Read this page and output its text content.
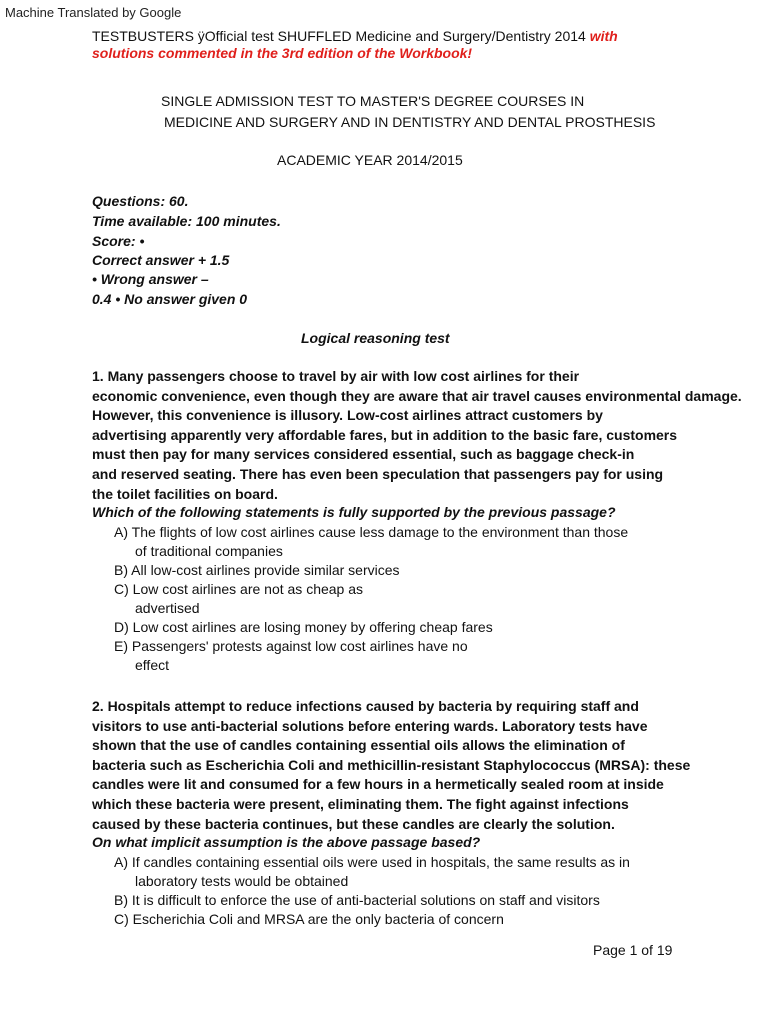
Machine Translated by Google
TESTBUSTERS ÿOfficial test SHUFFLED Medicine and Surgery/Dentistry 2014 with
solutions commented in the 3rd edition of the Workbook!
SINGLE ADMISSION TEST TO MASTER'S DEGREE COURSES IN
MEDICINE AND SURGERY AND IN DENTISTRY AND DENTAL PROSTHESIS
ACADEMIC YEAR 2014/2015
Questions: 60.
Time available: 100 minutes.
Score: •
Correct answer + 1.5
• Wrong answer –
0.4 • No answer given 0
Logical reasoning test
1. Many passengers choose to travel by air with low cost airlines for their
economic convenience, even though they are aware that air travel causes environmental damage.
However, this convenience is illusory. Low-cost airlines attract customers by
advertising apparently very affordable fares, but in addition to the basic fare, customers
must then pay for many services considered essential, such as baggage check-in
and reserved seating. There has even been speculation that passengers pay for using
the toilet facilities on board.
Which of the following statements is fully supported by the previous passage?
A) The flights of low cost airlines cause less damage to the environment than those
of traditional companies
B) All low-cost airlines provide similar services
C) Low cost airlines are not as cheap as
advertised
D) Low cost airlines are losing money by offering cheap fares
E) Passengers' protests against low cost airlines have no
effect
2. Hospitals attempt to reduce infections caused by bacteria by requiring staff and
visitors to use anti-bacterial solutions before entering wards. Laboratory tests have
shown that the use of candles containing essential oils allows the elimination of
bacteria such as Escherichia Coli and methicillin-resistant Staphylococcus (MRSA): these
candles were lit and consumed for a few hours in a hermetically sealed room at inside
which these bacteria were present, eliminating them. The fight against infections
caused by these bacteria continues, but these candles are clearly the solution.
On what implicit assumption is the above passage based?
A) If candles containing essential oils were used in hospitals, the same results as in
laboratory tests would be obtained
B) It is difficult to enforce the use of anti-bacterial solutions on staff and visitors
C) Escherichia Coli and MRSA are the only bacteria of concern
Page 1 of 19
